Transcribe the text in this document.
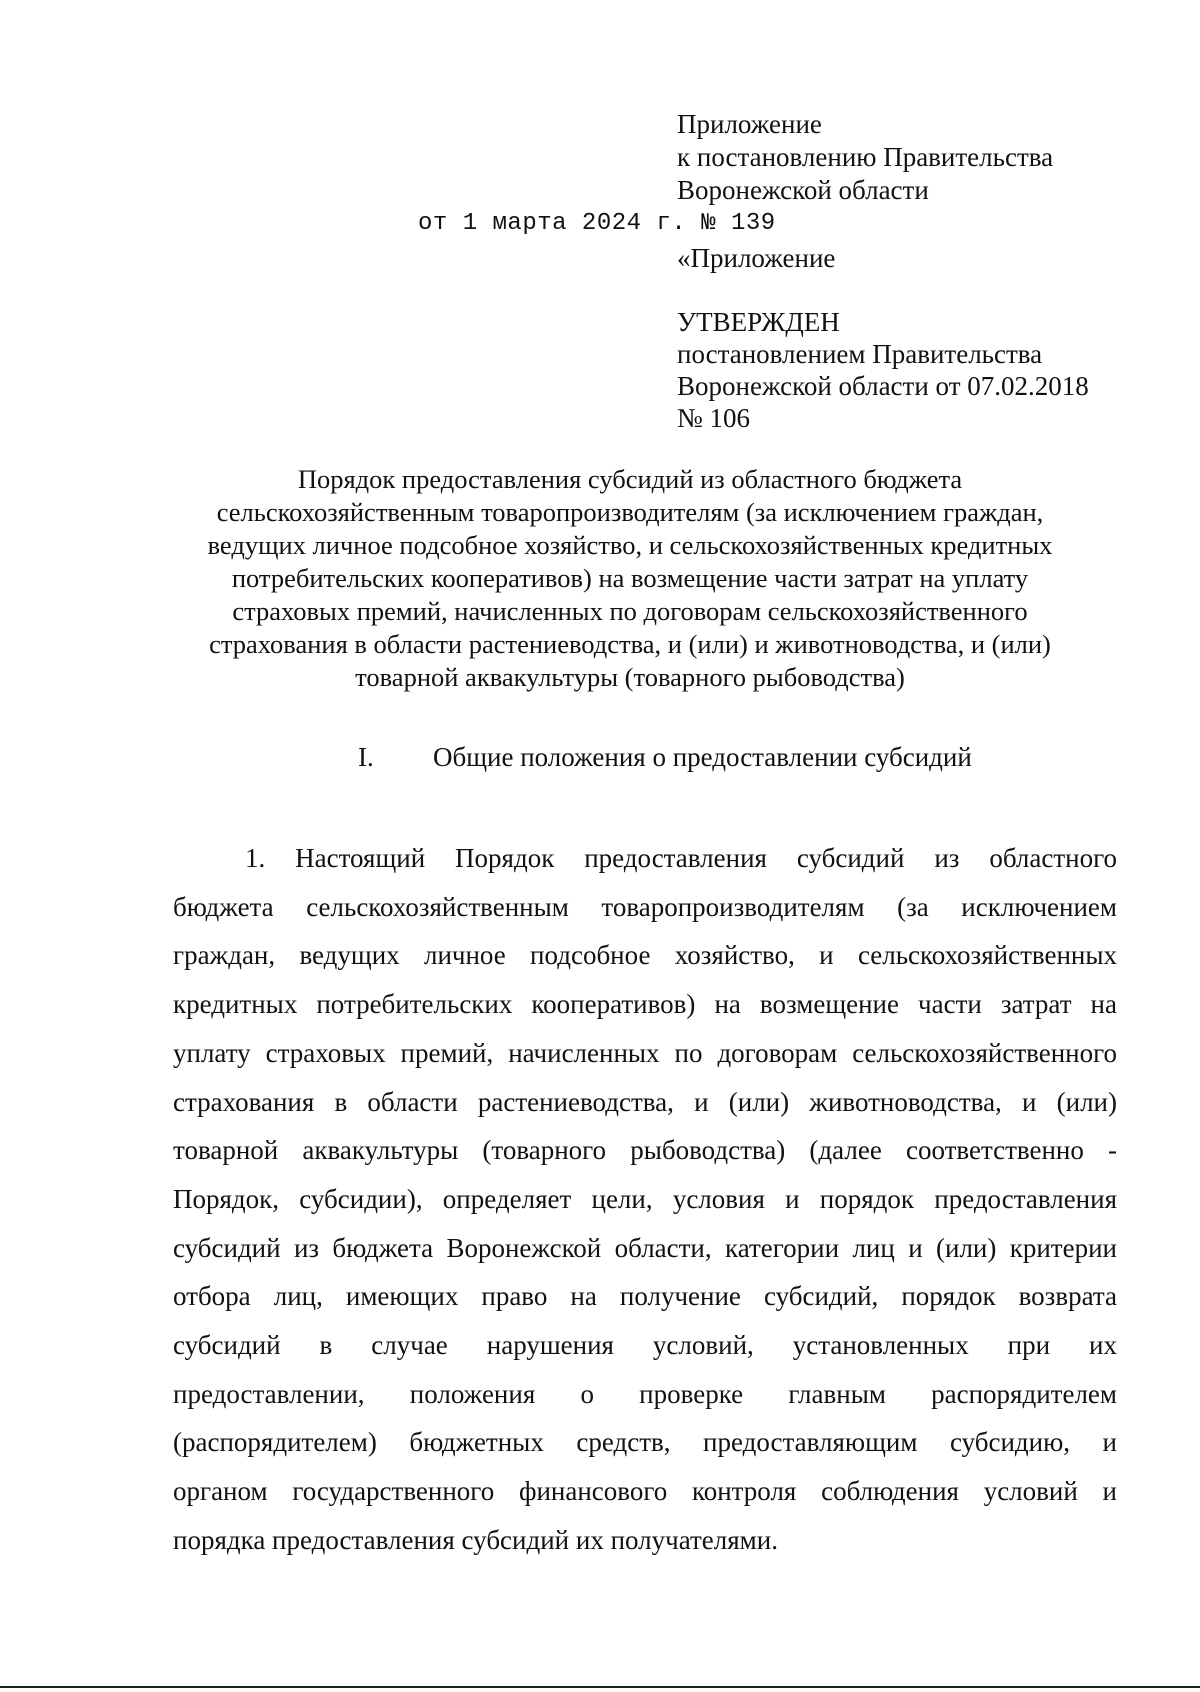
Приложение
к постановлению Правительства
Воронежской области
от 1 марта 2024 г. № 139
«Приложение
УТВЕРЖДЕН
постановлением Правительства
Воронежской области от 07.02.2018
№ 106
Порядок предоставления субсидий из областного бюджета
сельскохозяйственным товаропроизводителям (за исключением граждан,
ведущих личное подсобное хозяйство, и сельскохозяйственных кредитных
потребительских кооперативов) на возмещение части затрат на уплату
страховых премий, начисленных по договорам сельскохозяйственного
страхования в области растениеводства, и (или) и животноводства, и (или)
товарной аквакультуры (товарного рыбоводства)
I. Общие положения о предоставлении субсидий
1. Настоящий Порядок предоставления субсидий из областного
бюджета сельскохозяйственным товаропроизводителям (за исключением
граждан, ведущих личное подсобное хозяйство, и сельскохозяйственных
кредитных потребительских кооперативов) на возмещение части затрат на
уплату страховых премий, начисленных по договорам сельскохозяйственного
страхования в области растениеводства, и (или) животноводства, и (или)
товарной аквакультуры (товарного рыбоводства) (далее соответственно -
Порядок, субсидии), определяет цели, условия и порядок предоставления
субсидий из бюджета Воронежской области, категории лиц и (или) критерии
отбора лиц, имеющих право на получение субсидий, порядок возврата
субсидий в случае нарушения условий, установленных при их
предоставлении, положения о проверке главным распорядителем
(распорядителем) бюджетных средств, предоставляющим субсидию, и
органом государственного финансового контроля соблюдения условий и
порядка предоставления субсидий их получателями.
